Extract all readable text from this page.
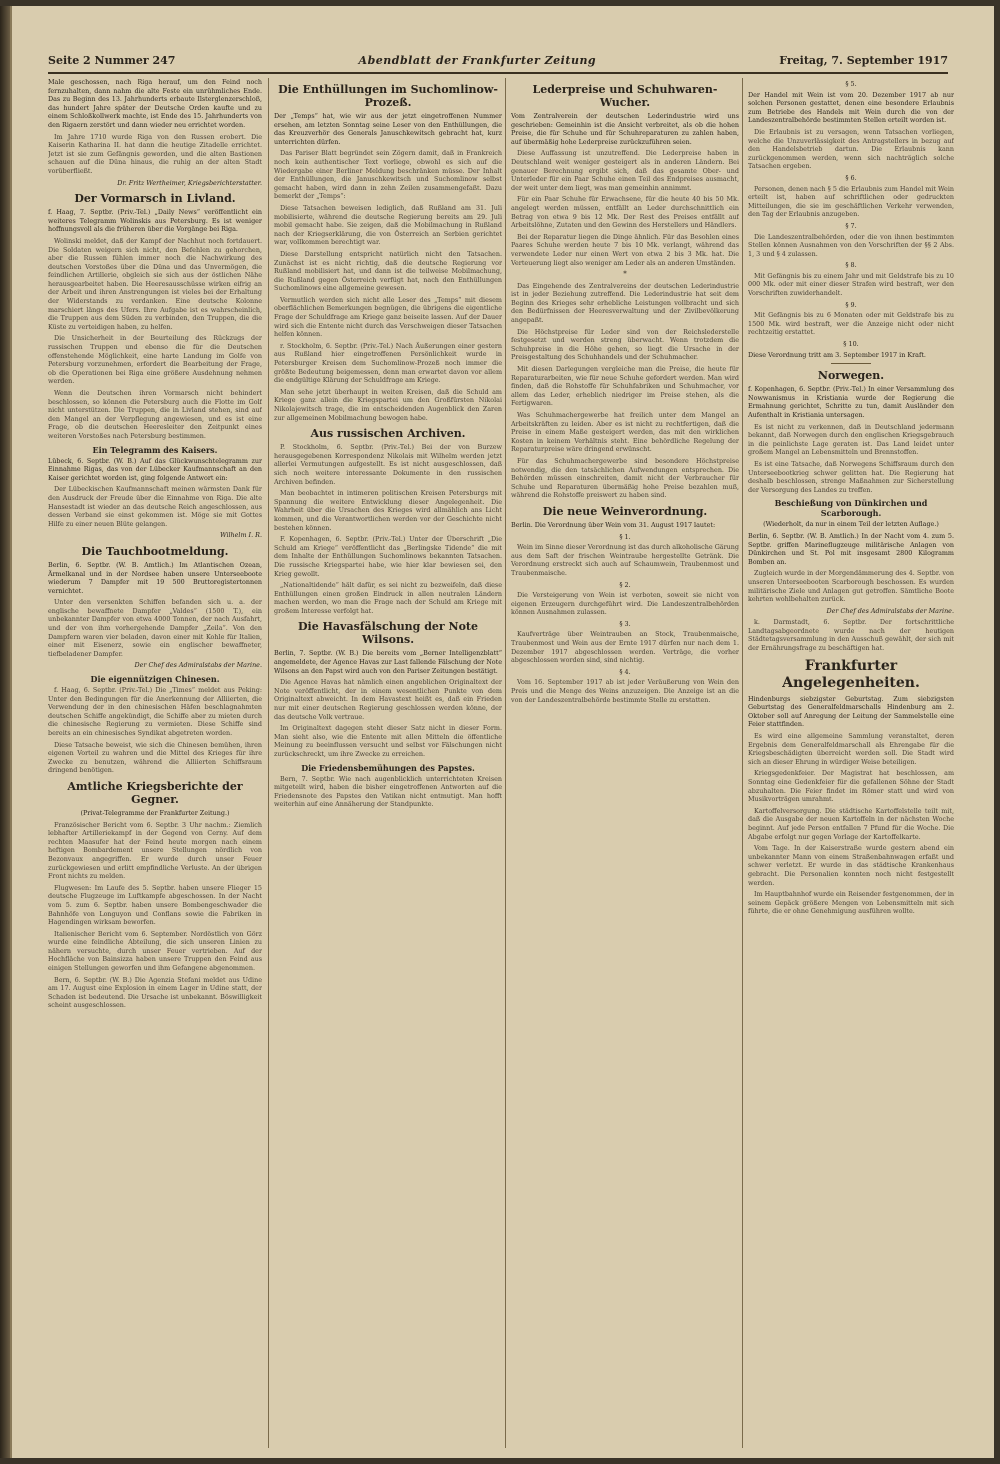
Seite 2 Nummer 247	Abendblatt der Frankfurter Zeitung	Freitag, 7. September 1917

Male geschossen, nach Riga herauf, um den Feind noch fernzuhalten, dann nahm die alte Feste ein unrühmliches Ende. Das zu Beginn des 13. Jahrhunderts erbaute Ilsterglenzerschloß, das hundert Jahre später der Deutsche Orden kaufte und zu einem Schloßkollwerk machte, ist Ende des 15. Jahrhunderts von den Rigaern zerstört und dann wieder neu errichtet worden.

Im Jahre 1710 wurde Riga von den Russen erobert. Die Kaiserin Katharina II. hat dann die heutige Zitadelle errichtet. Jetzt ist sie zum Gefängnis geworden, und die alten Bastionen schauen auf die Düna hinaus, die ruhig an der alten Stadt vorüberfließt.

Dr. Fritz Wertheimer, Kriegsberichterstatter.

Der Vormarsch in Livland.

f. Haag, 7. Septbr. (Priv.-Tel.) „Daily News“ veröffentlicht ein weiteres Telegramm Wolinskis aus Petersburg. Es ist weniger hoffnungsvoll als die früheren über die Vorgänge bei Riga.

Wolinski meldet, daß der Kampf der Nachhut noch fortdauert. Die Soldaten weigern sich nicht, den Befehlen zu gehorchen, aber die Russen fühlen immer noch die Nachwirkung des deutschen Vorstoßes über die Düna und das Unvermögen, die feindlichen Artillerie, obgleich sie sich aus der östlichen Nähe herausgearbeitet haben. Die Heeresausschüsse wirken eifrig an der Arbeit und ihren Anstrengungen ist vieles bei der Erhaltung der Widerstands zu verdanken. Eine deutsche Kolonne marschiert längs des Ufers. Ihre Aufgabe ist es wahrscheinlich, die Truppen aus dem Süden zu verbinden, den Truppen, die die Küste zu verteidigen haben, zu helfen.

Die Unsicherheit in der Beurteilung des Rückzugs der russischen Truppen und ebenso die für die Deutschen offenstehende Möglichkeit, eine harte Landung im Golfe von Petersburg vorzunehmen, erfordert die Bearbeitung der Frage, ob die Operationen bei Riga eine größere Ausdehnung nehmen werden.

Wenn die Deutschen ihren Vormarsch nicht behindert beschlossen, so können die Petersburg auch die Flotte im Golf nicht unterstützen. Die Truppen, die in Livland stehen, sind auf den Mangel an der Verpflegung angewiesen, und es ist eine Frage, ob die deutschen Heeresleiter den Zeitpunkt eines weiteren Vorstoßes nach Petersburg bestimmen.

Ein Telegramm des Kaisers.

Lübeck, 6. Septbr. (W. B.) Auf das Glückwunschtelegramm zur Einnahme Rigas, das von der Lübecker Kaufmannschaft an den Kaiser gerichtet worden ist, ging folgende Antwort ein:

Der Lübeckischen Kaufmannschaft meinen wärmsten Dank für den Ausdruck der Freude über die Einnahme von Riga. Die alte Hansestadt ist wieder an das deutsche Reich angeschlossen, aus dessen Verband sie einst gekommen ist. Möge sie mit Gottes Hilfe zu einer neuen Blüte gelangen.

Wilhelm I. R.

Die Tauchbootmeldung.

Berlin, 6. Septbr. (W. B. Amtlich.) Im Atlantischen Ozean, Ärmelkanal und in der Nordsee haben unsere Unterseeboote wiederum 7 Dampfer mit 19 500 Bruttoregistertonnen vernichtet.

Unter den versenkten Schiffen befanden sich u. a. der englische bewaffnete Dampfer „Valdes“ (1500 T.), ein unbekannter Dampfer von etwa 4000 Tonnen, der nach Ausfahrt, und der von ihm vorhergehende Dampfer „Zeila“. Von den Dampfern waren vier beladen, davon einer mit Kohle für Italien, einer mit Eisenerz, sowie ein englischer bewaffneter, tiefbeladener Dampfer.

Der Chef des Admiralstabs der Marine.

Die eigennützigen Chinesen.

f. Haag, 6. Septbr. (Priv.-Tel.) Die „Times“ meldet aus Peking: Unter den Bedingungen für die Anerkennung der Alliierten, die Verwendung der in den chinesischen Häfen beschlagnahmten deutschen Schiffe angekündigt, die Schiffe aber zu mieten durch die chinesische Regierung zu vermieten. Diese Schiffe sind bereits an ein chinesisches Syndikat abgetreten worden.

Diese Tatsache beweist, wie sich die Chinesen bemühen, ihren eigenen Vorteil zu wahren und die Mittel des Krieges für ihre Zwecke zu benutzen, während die Alliierten Schiffsraum dringend benötigen.

Amtliche Kriegsberichte der Gegner.
(Privat-Telegramme der Frankfurter Zeitung.)

Französischer Bericht vom 6. Septbr. 3 Uhr nachm.: Ziemlich lebhafter Artilleriekampf in der Gegend von Cerny. Auf dem rechten Maasufer hat der Feind heute morgen nach einem heftigen Bombardement unsere Stellungen nördlich von Bezonvaux angegriffen. Er wurde durch unser Feuer zurückgewiesen und erlitt empfindliche Verluste. An der übrigen Front nichts zu melden.

Flugwesen: Im Laufe des 5. Septbr. haben unsere Flieger 15 deutsche Flugzeuge im Luftkampfe abgeschossen. In der Nacht vom 5. zum 6. Septbr. haben unsere Bombengeschwader die Bahnhöfe von Longuyon und Conflans sowie die Fabriken in Hagendingen wirksam beworfen.

Italienischer Bericht vom 6. September. Nordöstlich von Görz wurde eine feindliche Abteilung, die sich unseren Linien zu nähern versuchte, durch unser Feuer vertrieben. Auf der Hochfläche von Bainsizza haben unsere Truppen den Feind aus einigen Stellungen geworfen und ihm Gefangene abgenommen.

Bern, 6. Septbr. (W. B.) Die Agenzia Stefani meldet aus Udine am 17. August eine Explosion in einem Lager in Udine statt, der Schaden ist bedeutend. Die Ursache ist unbekannt. Böswilligkeit scheint ausgeschlossen.

Die Enthüllungen im Suchomlinow-Prozeß.

Der „Temps“ hat, wie wir aus der jetzt eingetroffenen Nummer ersehen, am letzten Sonntag seine Leser von den Enthüllungen, die das Kreuzverhör des Generals Januschkewitsch gebracht hat, kurz unterrichten dürfen.

Das Pariser Blatt begründet sein Zögern damit, daß in Frankreich noch kein authentischer Text vorliege, obwohl es sich auf die Wiedergabe einer Berliner Meldung beschränken müsse. Der Inhalt der Enthüllungen, die Januschkewitsch und Suchomlinow selbst gemacht haben, wird dann in zehn Zeilen zusammengefaßt. Dazu bemerkt der „Temps“:

Diese Tatsachen beweisen lediglich, daß Rußland am 31. Juli mobilisierte, während die deutsche Regierung bereits am 29. Juli mobil gemacht habe. Sie zeigen, daß die Mobilmachung in Rußland nach der Kriegserklärung, die von Österreich an Serbien gerichtet war, vollkommen berechtigt war.

Diese Darstellung entspricht natürlich nicht den Tatsachen. Zunächst ist es nicht richtig, daß die deutsche Regierung vor Rußland mobilisiert hat, und dann ist die teilweise Mobilmachung, die Rußland gegen Österreich verfügt hat, nach den Enthüllungen Suchomlinows eine allgemeine gewesen.

Vermutlich werden sich nicht alle Leser des „Temps“ mit diesem oberflächlichen Bemerkungen begnügen, die übrigens die eigentliche Frage der Schuldfrage am Kriege ganz beiseite lassen. Auf der Dauer wird sich die Entente nicht durch das Verschweigen dieser Tatsachen helfen können.

r. Stockholm, 6. Septbr. (Priv.-Tel.) Nach Äußerungen einer gestern aus Rußland hier eingetroffenen Persönlichkeit wurde in Petersburger Kreisen dem Suchomlinow-Prozeß noch immer die größte Bedeutung beigemessen, denn man erwartet davon vor allem die endgültige Klärung der Schuldfrage am Kriege.

Man sehe jetzt überhaupt in weiten Kreisen, daß die Schuld am Kriege ganz allein die Kriegspartei um den Großfürsten Nikolai Nikolajewitsch trage, die im entscheidenden Augenblick den Zaren zur allgemeinen Mobilmachung bewogen habe.

Aus russischen Archiven.

P. Stockholm, 6. Septbr. (Priv.-Tel.) Bei der von Burzew herausgegebenen Korrespondenz Nikolais mit Wilhelm werden jetzt allerlei Vermutungen aufgestellt. Es ist nicht ausgeschlossen, daß sich noch weitere interessante Dokumente in den russischen Archiven befinden.

Man beobachtet in intimeren politischen Kreisen Petersburgs mit Spannung die weitere Entwicklung dieser Angelegenheit. Die Wahrheit über die Ursachen des Krieges wird allmählich ans Licht kommen, und die Verantwortlichen werden vor der Geschichte nicht bestehen können.

F. Kopenhagen, 6. Septbr. (Priv.-Tel.) Unter der Überschrift „Die Schuld am Kriege“ veröffentlicht das „Berlingske Tidende“ die mit dem Inhalte der Enthüllungen Suchomlinows bekannten Tatsachen. Die russische Kriegspartei habe, wie hier klar bewiesen sei, den Krieg gewollt.

„Nationaltidende“ hält dafür, es sei nicht zu bezweifeln, daß diese Enthüllungen einen großen Eindruck in allen neutralen Ländern machen werden, wo man die Frage nach der Schuld am Kriege mit großem Interesse verfolgt hat.

Die Havasfälschung der Note Wilsons.

Berlin, 7. Septbr. (W. B.) Die bereits vom „Berner Intelligenzblatt“ angemeldete, der Agence Havas zur Last fallende Fälschung der Note Wilsons an den Papst wird auch von den Pariser Zeitungen bestätigt.

Die Agence Havas hat nämlich einen angeblichen Originaltext der Note veröffentlicht, der in einem wesentlichen Punkte von dem Originaltext abweicht. In dem Havastext heißt es, daß ein Frieden nur mit einer deutschen Regierung geschlossen werden könne, der das deutsche Volk vertraue.

Im Originaltext dagegen steht dieser Satz nicht in dieser Form. Man sieht also, wie die Entente mit allen Mitteln die öffentliche Meinung zu beeinflussen versucht und selbst vor Fälschungen nicht zurückschreckt, um ihre Zwecke zu erreichen.

Die Friedensbemühungen des Papstes.

Bern, 7. Septbr. Wie nach augenblicklich unterrichteten Kreisen mitgeteilt wird, haben die bisher eingetroffenen Antworten auf die Friedensnote des Papstes den Vatikan nicht entmutigt. Man hofft weiterhin auf eine Annäherung der Standpunkte.

Lederpreise und Schuhwaren-Wucher.

Vom Zentralverein der deutschen Lederindustrie wird uns geschrieben: Gemeinhin ist die Ansicht verbreitet, als ob die hohen Preise, die für Schuhe und für Schuhreparaturen zu zahlen haben, auf übermäßig hohe Lederpreise zurückzuführen seien.

Diese Auffassung ist unzutreffend. Die Lederpreise haben in Deutschland weit weniger gesteigert als in anderen Ländern. Bei genauer Berechnung ergibt sich, daß das gesamte Ober- und Unterleder für ein Paar Schuhe einen Teil des Endpreises ausmacht, der weit unter dem liegt, was man gemeinhin annimmt.

Für ein Paar Schuhe für Erwachsene, für die heute 40 bis 50 Mk. angelegt werden müssen, entfällt an Leder durchschnittlich ein Betrag von etwa 9 bis 12 Mk. Der Rest des Preises entfällt auf Arbeitslöhne, Zutaten und den Gewinn des Herstellers und Händlers.

Bei der Reparatur liegen die Dinge ähnlich. Für das Besohlen eines Paares Schuhe werden heute 7 bis 10 Mk. verlangt, während das verwendete Leder nur einen Wert von etwa 2 bis 3 Mk. hat. Die Verteuerung liegt also weniger am Leder als an anderen Umständen.

*

Das Eingehende des Zentralvereins der deutschen Lederindustrie ist in jeder Beziehung zutreffend. Die Lederindustrie hat seit dem Beginn des Krieges sehr erhebliche Leistungen vollbracht und sich den Bedürfnissen der Heeresverwaltung und der Zivilbevölkerung angepaßt.

Die Höchstpreise für Leder sind von der Reichslederstelle festgesetzt und werden streng überwacht. Wenn trotzdem die Schuhpreise in die Höhe gehen, so liegt die Ursache in der Preisgestaltung des Schuhhandels und der Schuhmacher.

Mit diesen Darlegungen vergleiche man die Preise, die heute für Reparaturarbeiten, wie für neue Schuhe gefordert werden. Man wird finden, daß die Rohstoffe für Schuhfabriken und Schuhmacher, vor allem das Leder, erheblich niedriger im Preise stehen, als die Fertigwaren.

Was Schuhmachergewerbe hat freilich unter dem Mangel an Arbeitskräften zu leiden. Aber es ist nicht zu rechtfertigen, daß die Preise in einem Maße gesteigert werden, das mit den wirklichen Kosten in keinem Verhältnis steht. Eine behördliche Regelung der Reparaturpreise wäre dringend erwünscht.

Für das Schuhmachergewerbe sind besondere Höchstpreise notwendig, die den tatsächlichen Aufwendungen entsprechen. Die Behörden müssen einschreiten, damit nicht der Verbraucher für Schuhe und Reparaturen übermäßig hohe Preise bezahlen muß, während die Rohstoffe preiswert zu haben sind.

Die neue Weinverordnung.

Berlin. Die Verordnung über Wein vom 31. August 1917 lautet:

§ 1.

Wein im Sinne dieser Verordnung ist das durch alkoholische Gärung aus dem Saft der frischen Weintraube hergestellte Getränk. Die Verordnung erstreckt sich auch auf Schaumwein, Traubenmost und Traubenmaische.

§ 2.

Die Versteigerung von Wein ist verboten, soweit sie nicht von eigenen Erzeugern durchgeführt wird. Die Landeszentralbehörden können Ausnahmen zulassen.

§ 3.

Kaufverträge über Weintrauben an Stock, Traubenmaische, Traubenmost und Wein aus der Ernte 1917 dürfen nur nach dem 1. Dezember 1917 abgeschlossen werden. Verträge, die vorher abgeschlossen worden sind, sind nichtig.

§ 4.

Vom 16. September 1917 ab ist jeder Veräußerung von Wein den Preis und die Menge des Weins anzuzeigen. Die Anzeige ist an die von der Landeszentralbehörde bestimmte Stelle zu erstatten.

§ 5.

Der Handel mit Wein ist vom 20. Dezember 1917 ab nur solchen Personen gestattet, denen eine besondere Erlaubnis zum Betriebe des Handels mit Wein durch die von der Landeszentralbehörde bestimmten Stellen erteilt worden ist.

Die Erlaubnis ist zu versagen, wenn Tatsachen vorliegen, welche die Unzuverlässigkeit des Antragstellers in bezug auf den Handelsbetrieb dartun. Die Erlaubnis kann zurückgenommen werden, wenn sich nachträglich solche Tatsachen ergeben.

§ 6.

Personen, denen nach § 5 die Erlaubnis zum Handel mit Wein erteilt ist, haben auf schriftlichen oder gedruckten Mitteilungen, die sie im geschäftlichen Verkehr verwenden, den Tag der Erlaubnis anzugeben.

§ 7.

Die Landeszentralbehörden, oder die von ihnen bestimmten Stellen können Ausnahmen von den Vorschriften der §§ 2 Abs. 1, 3 und § 4 zulassen.

§ 8.

Mit Gefängnis bis zu einem Jahr und mit Geldstrafe bis zu 10 000 Mk. oder mit einer dieser Strafen wird bestraft, wer den Vorschriften zuwiderhandelt.

§ 9.

Mit Gefängnis bis zu 6 Monaten oder mit Geldstrafe bis zu 1500 Mk. wird bestraft, wer die Anzeige nicht oder nicht rechtzeitig erstattet.

§ 10.

Diese Verordnung tritt am 3. September 1917 in Kraft.

Norwegen.

f. Kopenhagen, 6. Septbr. (Priv.-Tel.) In einer Versammlung des Nowwanismus in Kristiania wurde der Regierung die Ermahnung gerichtet, Schritte zu tun, damit Ausländer den Aufenthalt in Kristiania untersagen.

Es ist nicht zu verkennen, daß in Deutschland jedermann bekannt, daß Norwegen durch den englischen Kriegsgebrauch in die peinlichste Lage geraten ist. Das Land leidet unter großem Mangel an Lebensmitteln und Brennstoffen.

Es ist eine Tatsache, daß Norwegens Schiffsraum durch den Unterseebootkrieg schwer gelitten hat. Die Regierung hat deshalb beschlossen, strenge Maßnahmen zur Sicherstellung der Versorgung des Landes zu treffen.

Beschießung von Dünkirchen und Scarborough.
(Wiederholt, da nur in einem Teil der letzten Auflage.)

Berlin, 6. Septbr. (W. B. Amtlich.) In der Nacht vom 4. zum 5. Septbr. griffen Marineflugzeuge militärische Anlagen von Dünkirchen und St. Pol mit insgesamt 2800 Kilogramm Bomben an.

Zugleich wurde in der Morgendämmerung des 4. Septbr. von unseren Unterseebooten Scarborough beschossen. Es wurden militärische Ziele und Anlagen gut getroffen. Sämtliche Boote kehrten wohlbehalten zurück.

Der Chef des Admiralstabs der Marine.

k. Darmstadt, 6. Septbr. Der fortschrittliche Landtagsabgeordnete wurde nach der heutigen Städtetagsversammlung in den Ausschuß gewählt, der sich mit der Ernährungsfrage zu beschäftigen hat.

Frankfurter Angelegenheiten.

Hindenburgs siebzigster Geburtstag. Zum siebzigsten Geburtstag des Generalfeldmarschalls Hindenburg am 2. Oktober soll auf Anregung der Leitung der Sammelstelle eine Feier stattfinden.

Es wird eine allgemeine Sammlung veranstaltet, deren Ergebnis dem Generalfeldmarschall als Ehrengabe für die Kriegsbeschädigten überreicht werden soll. Die Stadt wird sich an dieser Ehrung in würdiger Weise beteiligen.

Kriegsgedenkfeier. Der Magistrat hat beschlossen, am Sonntag eine Gedenkfeier für die gefallenen Söhne der Stadt abzuhalten. Die Feier findet im Römer statt und wird von Musikvorträgen umrahmt.

Kartoffelversorgung. Die städtische Kartoffelstelle teilt mit, daß die Ausgabe der neuen Kartoffeln in der nächsten Woche beginnt. Auf jede Person entfallen 7 Pfund für die Woche. Die Abgabe erfolgt nur gegen Vorlage der Kartoffelkarte.

Vom Tage. In der Kaiserstraße wurde gestern abend ein unbekannter Mann von einem Straßenbahnwagen erfaßt und schwer verletzt. Er wurde in das städtische Krankenhaus gebracht. Die Personalien konnten noch nicht festgestellt werden.

Im Hauptbahnhof wurde ein Reisender festgenommen, der in seinem Gepäck größere Mengen von Lebensmitteln mit sich führte, die er ohne Genehmigung ausführen wollte.
